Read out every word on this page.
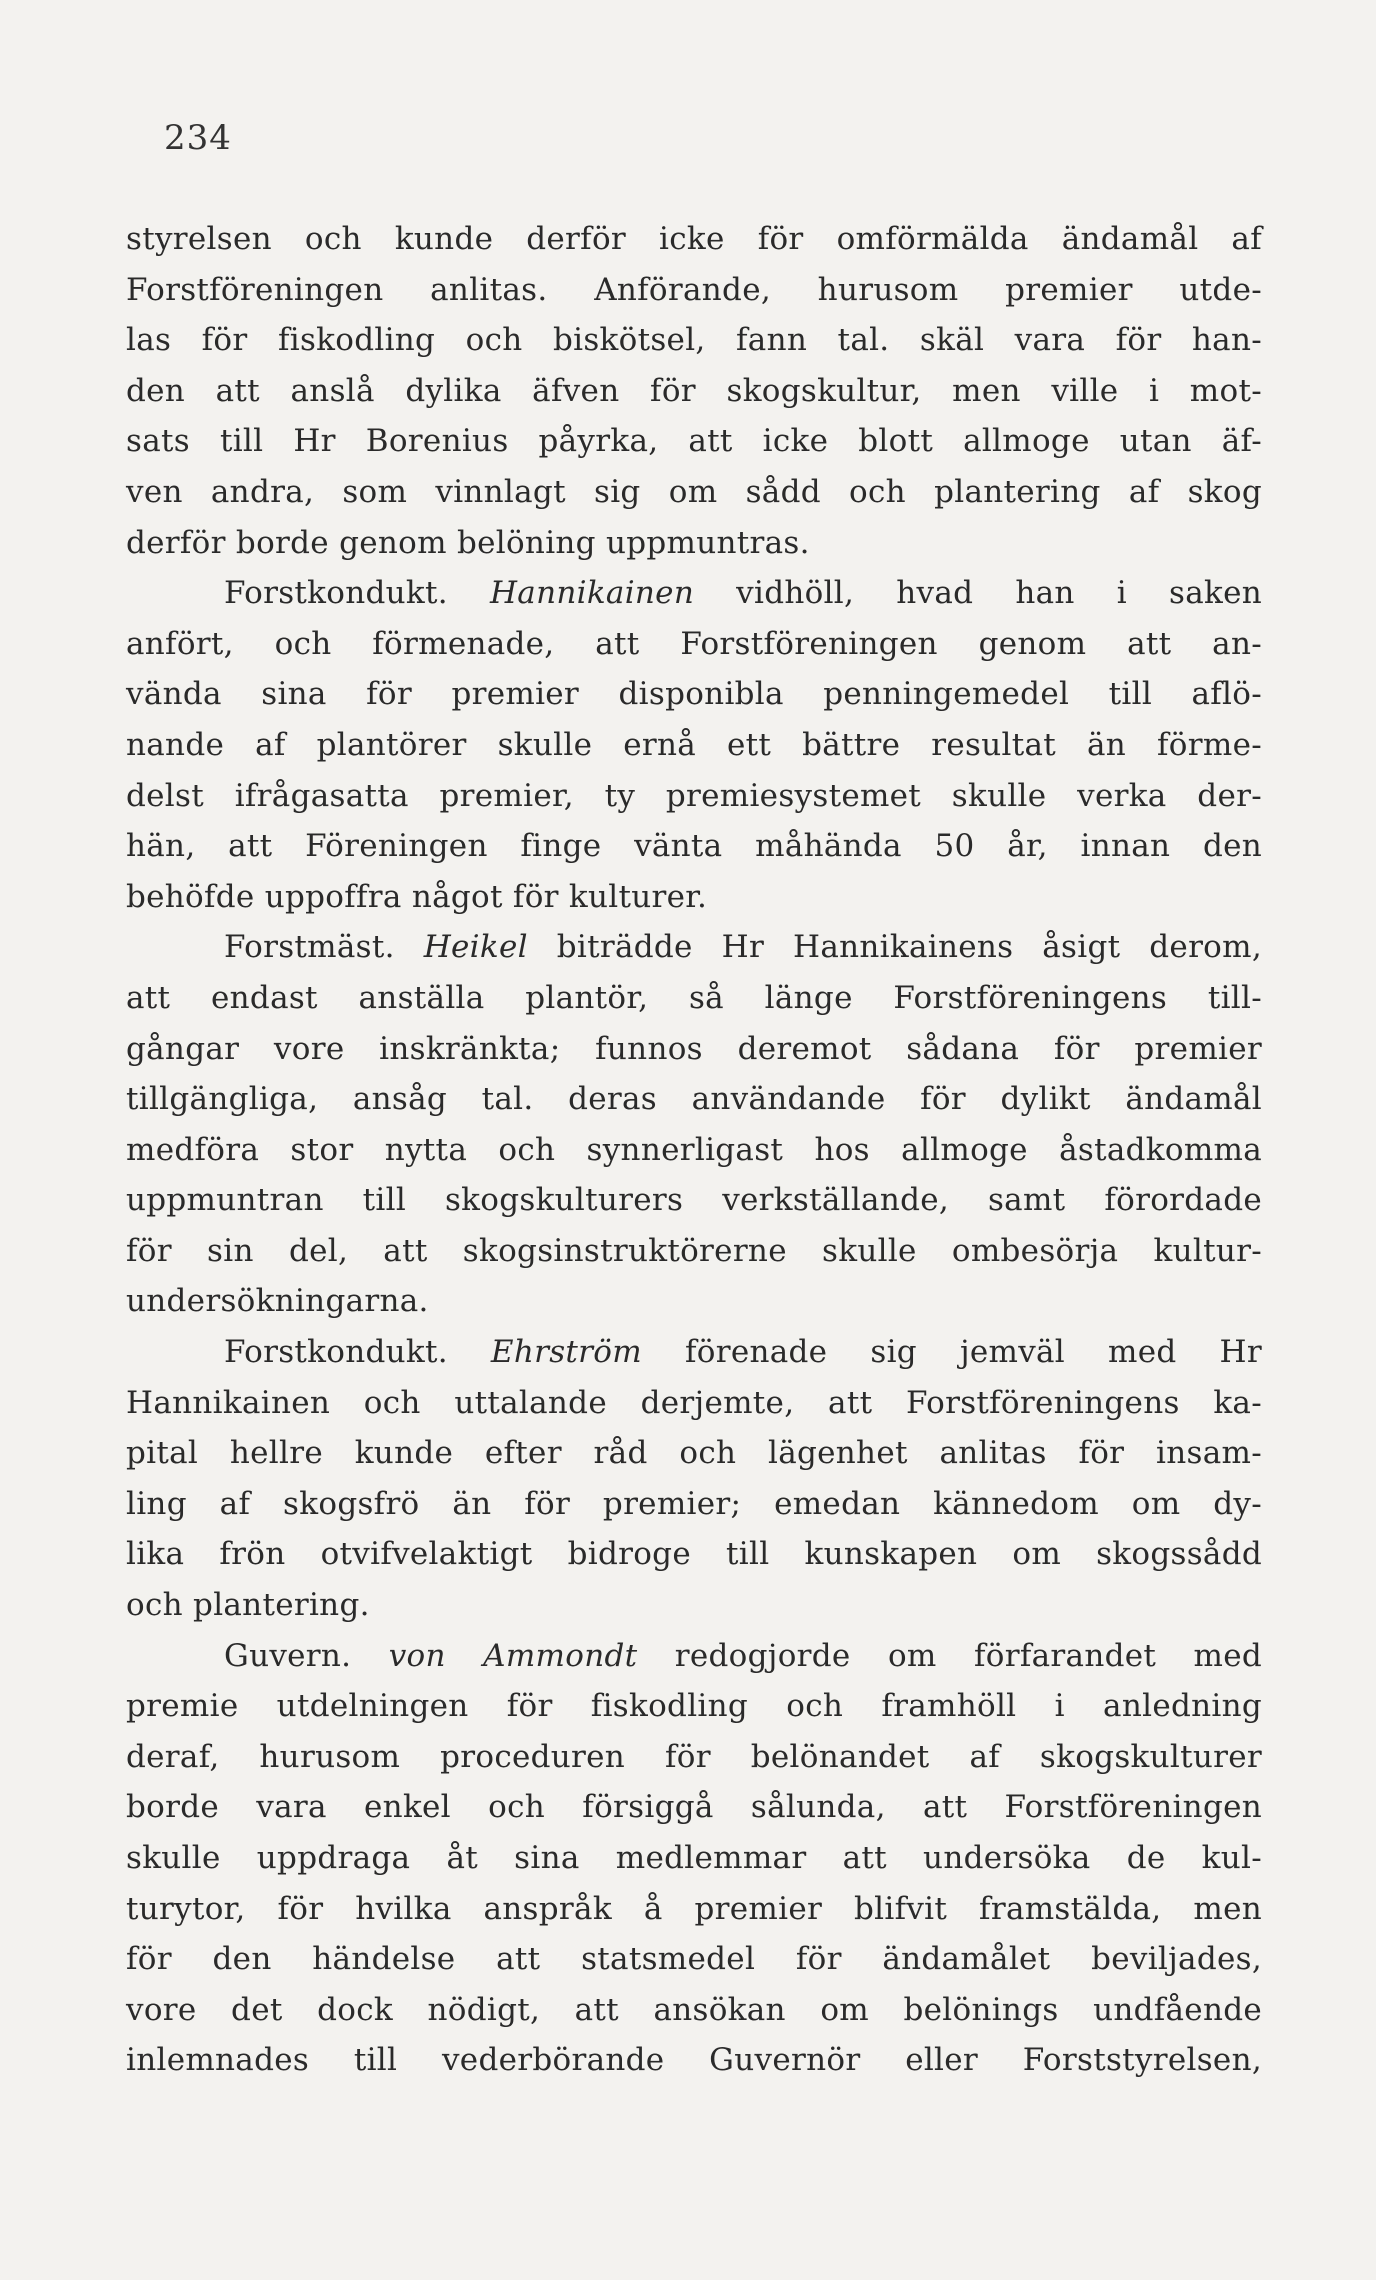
234
styrelsen och kunde derför icke för omförmälda ändamål af
Forstföreningen anlitas. Anförande, hurusom premier utde-
las för fiskodling och biskötsel, fann tal. skäl vara för han-
den att anslå dylika äfven för skogskultur, men ville i mot-
sats till Hr Borenius påyrka, att icke blott allmoge utan äf-
ven andra, som vinnlagt sig om sådd och plantering af skog
derför borde genom belöning uppmuntras.
Forstkondukt. Hannikainen vidhöll, hvad han i saken
anfört, och förmenade, att Forstföreningen genom att an-
vända sina för premier disponibla penningemedel till aflö-
nande af plantörer skulle ernå ett bättre resultat än förme-
delst ifrågasatta premier, ty premiesystemet skulle verka der-
hän, att Föreningen finge vänta måhända 50 år, innan den
behöfde uppoffra något för kulturer.
Forstmäst. Heikel biträdde Hr Hannikainens åsigt derom,
att endast anställa plantör, så länge Forstföreningens till-
gångar vore inskränkta; funnos deremot sådana för premier
tillgängliga, ansåg tal. deras användande för dylikt ändamål
medföra stor nytta och synnerligast hos allmoge åstadkomma
uppmuntran till skogskulturers verkställande, samt förordade
för sin del, att skogsinstruktörerne skulle ombesörja kultur-
undersökningarna.
Forstkondukt. Ehrström förenade sig jemväl med Hr
Hannikainen och uttalande derjemte, att Forstföreningens ka-
pital hellre kunde efter råd och lägenhet anlitas för insam-
ling af skogsfrö än för premier; emedan kännedom om dy-
lika frön otvifvelaktigt bidroge till kunskapen om skogssådd
och plantering.
Guvern. von Ammondt redogjorde om förfarandet med
premie utdelningen för fiskodling och framhöll i anledning
deraf, hurusom proceduren för belönandet af skogskulturer
borde vara enkel och försiggå sålunda, att Forstföreningen
skulle uppdraga åt sina medlemmar att undersöka de kul-
turytor, för hvilka anspråk å premier blifvit framstälda, men
för den händelse att statsmedel för ändamålet beviljades,
vore det dock nödigt, att ansökan om belönings undfående
inlemnades till vederbörande Guvernör eller Forststyrelsen,
